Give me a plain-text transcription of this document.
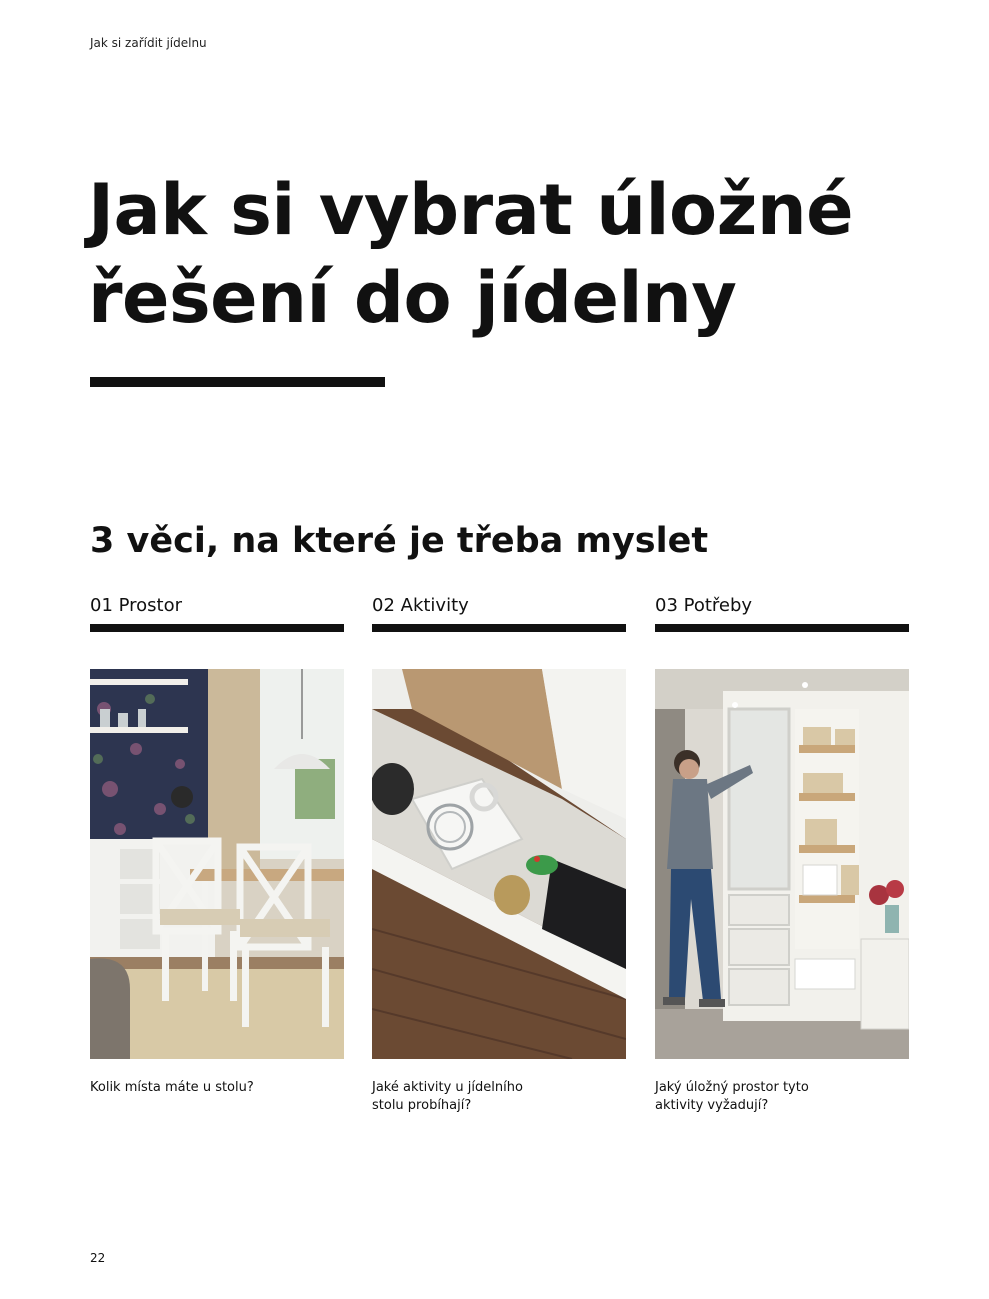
Jak si zařídit jídelnu
Jak si vybrat úložné řešení do jídelny
3 věci, na které je třeba myslet
01 Prostor
Kolik místa máte u stolu?
02 Aktivity
Jaké aktivity u jídelního stolu probíhají?
03 Potřeby
Jaký úložný prostor tyto aktivity vyžadují?
22
